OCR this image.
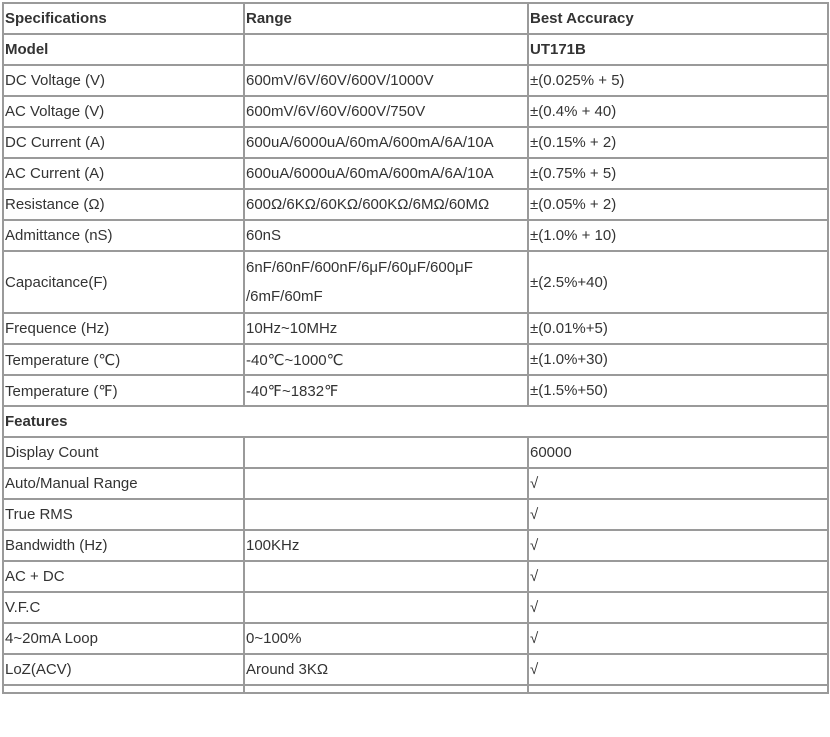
Specifications	Range	Best Accuracy
Model		UT171B
DC Voltage (V)	600mV/6V/60V/600V/1000V	±(0.025% + 5)
AC Voltage (V)	600mV/6V/60V/600V/750V	±(0.4% + 40)
DC Current (A)	600uA/6000uA/60mA/600mA/6A/10A	±(0.15% + 2)
AC Current (A)	600uA/6000uA/60mA/600mA/6A/10A	±(0.75% + 5)
Resistance (Ω)	600Ω/6KΩ/60KΩ/600KΩ/6MΩ/60MΩ	±(0.05% + 2)
Admittance (nS)	60nS	±(1.0% + 10)
Capacitance(F)	6nF/60nF/600nF/6μF/60μF/600μF /6mF/60mF	±(2.5%+40)
Frequence (Hz)	10Hz~10MHz	±(0.01%+5)
Temperature (℃)	-40℃~1000℃	±(1.0%+30)
Temperature (℉)	-40℉~1832℉	±(1.5%+50)
Features		
Display Count		60000
Auto/Manual Range		√
True RMS		√
Bandwidth (Hz)	100KHz	√
AC + DC		√
V.F.C		√
4~20mA Loop	0~100%	√
LoZ(ACV)	Around 3KΩ	√
